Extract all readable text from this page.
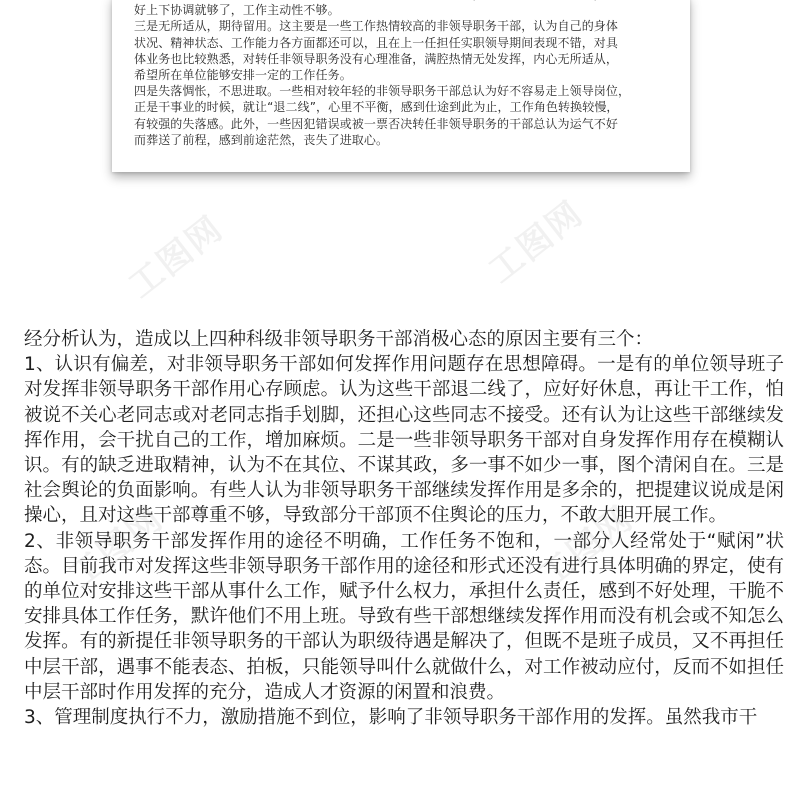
好上下协调就够了，工作主动性不够。

三是无所适从，期待留用。这主要是一些工作热情较高的非领导职务干部，认为自己的身体

状况、精神状态、工作能力各方面都还可以，且在上一任担任实职领导期间表现不错，对具

体业务也比较熟悉，对转任非领导职务没有心理准备，满腔热情无处发挥，内心无所适从，

希望所在单位能够安排一定的工作任务。

四是失落惆怅，不思进取。一些相对较年轻的非领导职务干部总认为好不容易走上领导岗位，

正是干事业的时候，就让“退二线”，心里不平衡，感到仕途到此为止，工作角色转换较慢，

有较强的失落感。此外，一些因犯错误或被一票否决转任非领导职务的干部总认为运气不好

而葬送了前程，感到前途茫然，丧失了进取心。

工图网	工图网
工图网	工图网

经分析认为，造成以上四种科级非领导职务干部消极心态的原因主要有三个：

1、认识有偏差，对非领导职务干部如何发挥作用问题存在思想障碍。一是有的单位领导班子对发挥非领导职务干部作用心存顾虑。认为这些干部退二线了，应好好休息，再让干工作，怕被说不关心老同志或对老同志指手划脚，还担心这些同志不接受。还有认为让这些干部继续发挥作用，会干扰自己的工作，增加麻烦。二是一些非领导职务干部对自身发挥作用存在模糊认识。有的缺乏进取精神，认为不在其位、不谋其政，多一事不如少一事，图个清闲自在。三是社会舆论的负面影响。有些人认为非领导职务干部继续发挥作用是多余的，把提建议说成是闲操心，且对这些干部尊重不够，导致部分干部顶不住舆论的压力，不敢大胆开展工作。

2、非领导职务干部发挥作用的途径不明确，工作任务不饱和，一部分人经常处于“赋闲”状态。目前我市对发挥这些非领导职务干部作用的途径和形式还没有进行具体明确的界定，使有的单位对安排这些干部从事什么工作，赋予什么权力，承担什么责任，感到不好处理，干脆不安排具体工作任务，默许他们不用上班。导致有些干部想继续发挥作用而没有机会或不知怎么发挥。有的新提任非领导职务的干部认为职级待遇是解决了，但既不是班子成员，又不再担任中层干部，遇事不能表态、拍板，只能领导叫什么就做什么，对工作被动应付，反而不如担任中层干部时作用发挥的充分，造成人才资源的闲置和浪费。

3、管理制度执行不力，激励措施不到位，影响了非领导职务干部作用的发挥。虽然我市干
